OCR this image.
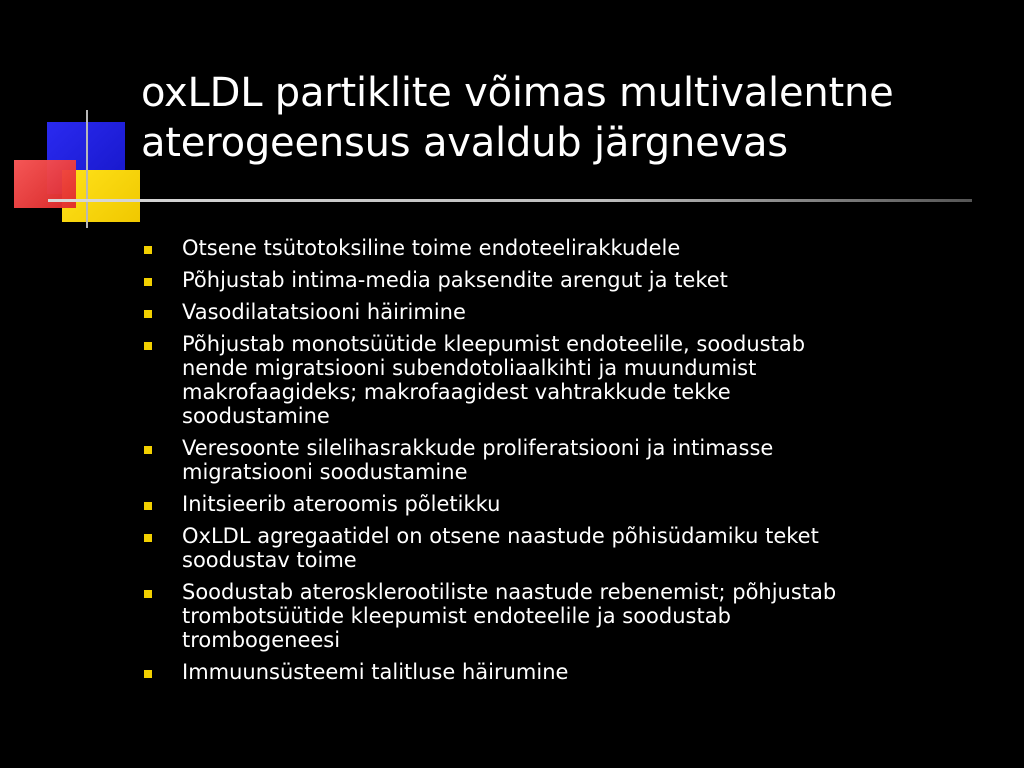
oxLDL partiklite võimas multivalentne
aterogeensus avaldub järgnevas
Otsene tsütotoksiline toime endoteelirakkudele
Põhjustab intima-media paksendite arengut ja teket
Vasodilatatsiooni häirimine
Põhjustab monotsüütide kleepumist endoteelile, soodustab
nende migratsiooni subendotoliaalkihti ja muundumist
makrofaagideks; makrofaagidest vahtrakkude tekke
soodustamine
Veresoonte silelihasrakkude proliferatsiooni ja intimasse
migratsiooni soodustamine
Initsieerib ateroomis põletikku
OxLDL agregaatidel on otsene naastude põhisüdamiku teket
soodustav toime
Soodustab aterosklerootiliste naastude rebenemist; põhjustab
trombotsüütide kleepumist endoteelile ja soodustab
trombogeneesi
Immuunsüsteemi talitluse häirumine
